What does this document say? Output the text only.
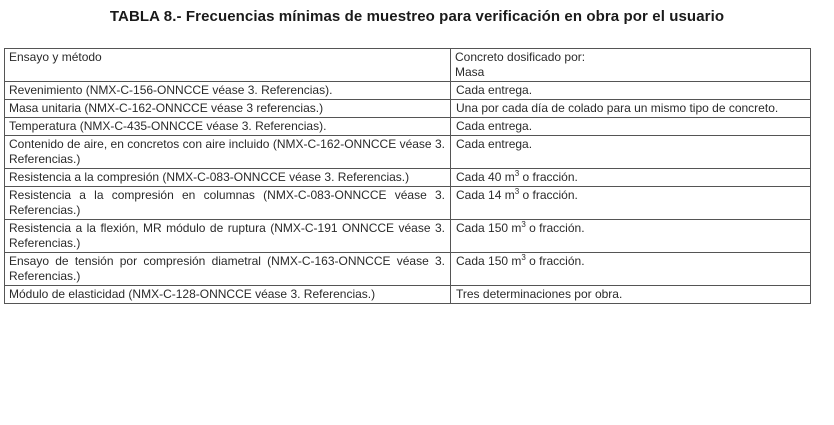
TABLA 8.- Frecuencias mínimas de muestreo para verificación en obra por el usuario
Ensayo y método	Concreto dosificado por:
Masa

Revenimiento (NMX-C-156-ONNCCE véase 3. Referencias).	Cada entrega.
Masa unitaria (NMX-C-162-ONNCCE véase 3 referencias.)	Una por cada día de colado para un mismo tipo de concreto.
Temperatura (NMX-C-435-ONNCCE véase 3. Referencias).	Cada entrega.
Contenido de aire, en concretos con aire incluido (NMX-C-162-ONNCCE véase 3. Referencias.)	Cada entrega.
Resistencia a la compresión (NMX-C-083-ONNCCE véase 3. Referencias.)	Cada 40 $m^3$ o fracción.
Resistencia a la compresión en columnas (NMX-C-083-ONNCCE véase 3. Referencias.)	Cada 14 $m^3$ o fracción.
Resistencia a la flexión, MR módulo de ruptura (NMX-C-191 ONNCCE véase 3. Referencias.)	Cada 150 $m^3$ o fracción.
Ensayo de tensión por compresión diametral (NMX-C-163-ONNCCE véase 3. Referencias.)	Cada 150 $m^3$ o fracción.
Módulo de elasticidad (NMX-C-128-ONNCCE véase 3. Referencias.)	Tres determinaciones por obra.
